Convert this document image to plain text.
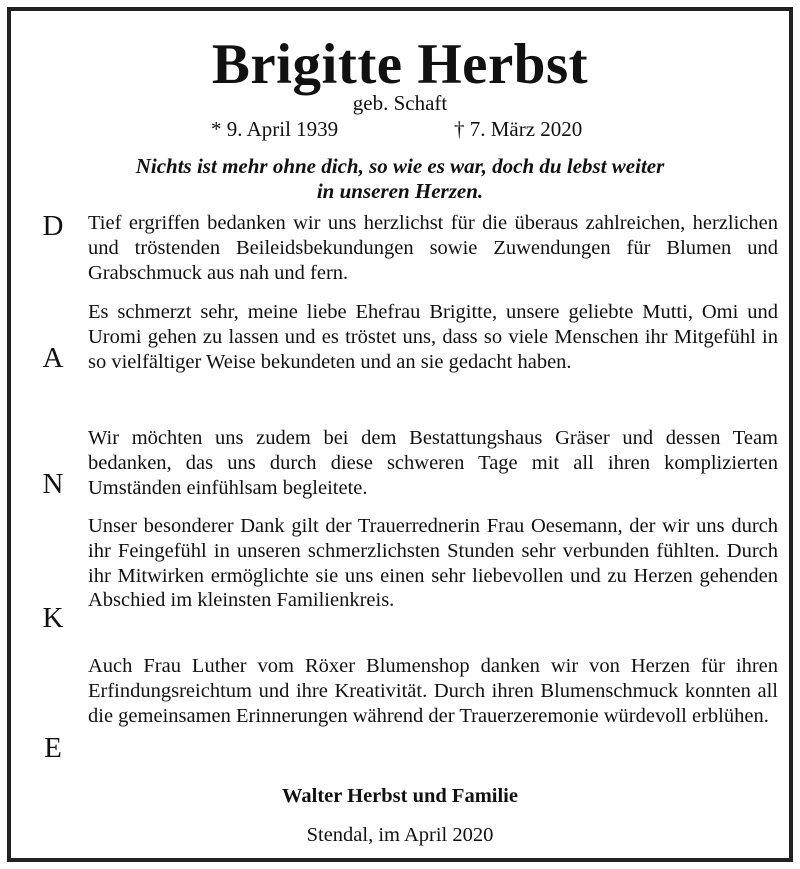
Brigitte Herbst
geb. Schaft
* 9. April 1939	† 7. März 2020
Nichts ist mehr ohne dich, so wie es war, doch du lebst weiter
in unseren Herzen.
D
A
N
K
E
Tief ergriffen bedanken wir uns herzlichst für die überaus zahlreichen, herzlichen und tröstenden Beileidsbekundungen sowie Zuwendungen für Blumen und Grabschmuck aus nah und fern.
Es schmerzt sehr, meine liebe Ehefrau Brigitte, unsere geliebte Mutti, Omi und Uromi gehen zu lassen und es tröstet uns, dass so viele Menschen ihr Mitgefühl in so vielfältiger Weise bekundeten und an sie gedacht haben.
Wir möchten uns zudem bei dem Bestattungshaus Gräser und dessen Team bedanken, das uns durch diese schweren Tage mit all ihren komplizierten Umständen einfühlsam begleitete.
Unser besonderer Dank gilt der Trauerrednerin Frau Oesemann, der wir uns durch ihr Feingefühl in unseren schmerzlichsten Stunden sehr verbunden fühlten. Durch ihr Mitwirken ermöglichte sie uns einen sehr liebevollen und zu Herzen gehenden Abschied im kleinsten Familienkreis.
Auch Frau Luther vom Röxer Blumenshop danken wir von Herzen für ihren Erfindungsreichtum und ihre Kreativität. Durch ihren Blumenschmuck konnten all die gemeinsamen Erinnerungen während der Trauerzeremonie würdevoll erblühen.
Walter Herbst und Familie
Stendal, im April 2020
